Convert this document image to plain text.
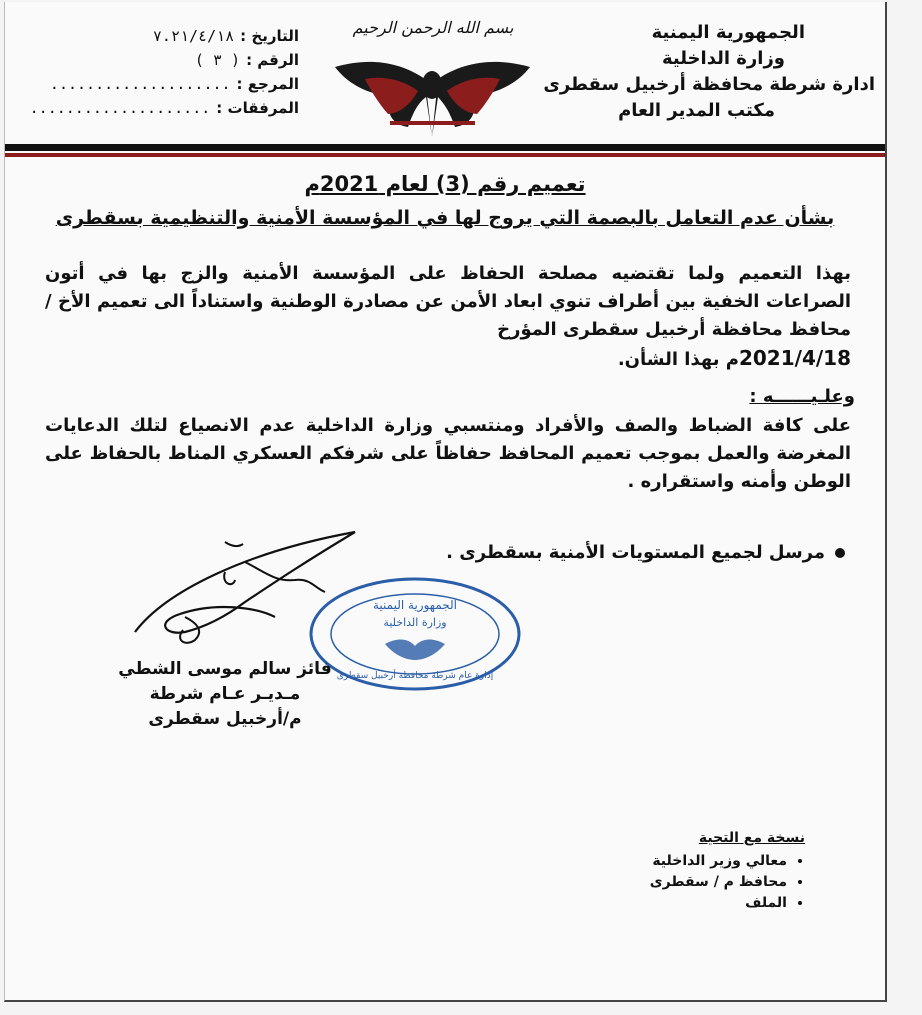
الجمهورية اليمنية
وزارة الداخلية
ادارة شرطة محافظة أرخبيل سقطرى
مكتب المدير العام
بسم الله الرحمن الرحيم
التاريخ :
٧.٢١/٤/١٨
الرقم :
( ٣ )
المرجع :
....................
المرفقات :
....................
تعميم رقم (3) لعام 2021م
بشأن عدم التعامل بالبصمة التي يروج لها في المؤسسة الأمنية والتنظيمية بسقطرى
بهذا التعميم ولما تقتضيه مصلحة الحفاظ على المؤسسة الأمنية والزج بها في أتون الصراعات الخفية بين أطراف تنوي ابعاد الأمن عن مصادرة الوطنية واستناداً الى تعميم الأخ / محافظ محافظة أرخبيل سقطرى المؤرخ
2021/4/18م بهذا الشأن.
وعلـيــــــه :
على كافة الضباط والصف والأفراد ومنتسبي وزارة الداخلية عدم الانصياع لتلك الدعايات المغرضة والعمل بموجب تعميم المحافظ حفاظاً على شرفكم العسكري المناط بالحفاظ على الوطن وأمنه واستقراره .
مرسل لجميع المستويات الأمنية بسقطرى .
الجمهورية اليمنية
وزارة الداخلية
إدارة عام شرطة محافظة أرخبيل سقطرى
فائز سالم موسى الشطي
مـديـر عـام شرطة
م/أرخبيل سقطرى
نسخة مع التحية
• معالي وزير الداخلية
• محافظ م / سقطرى
• الملف
